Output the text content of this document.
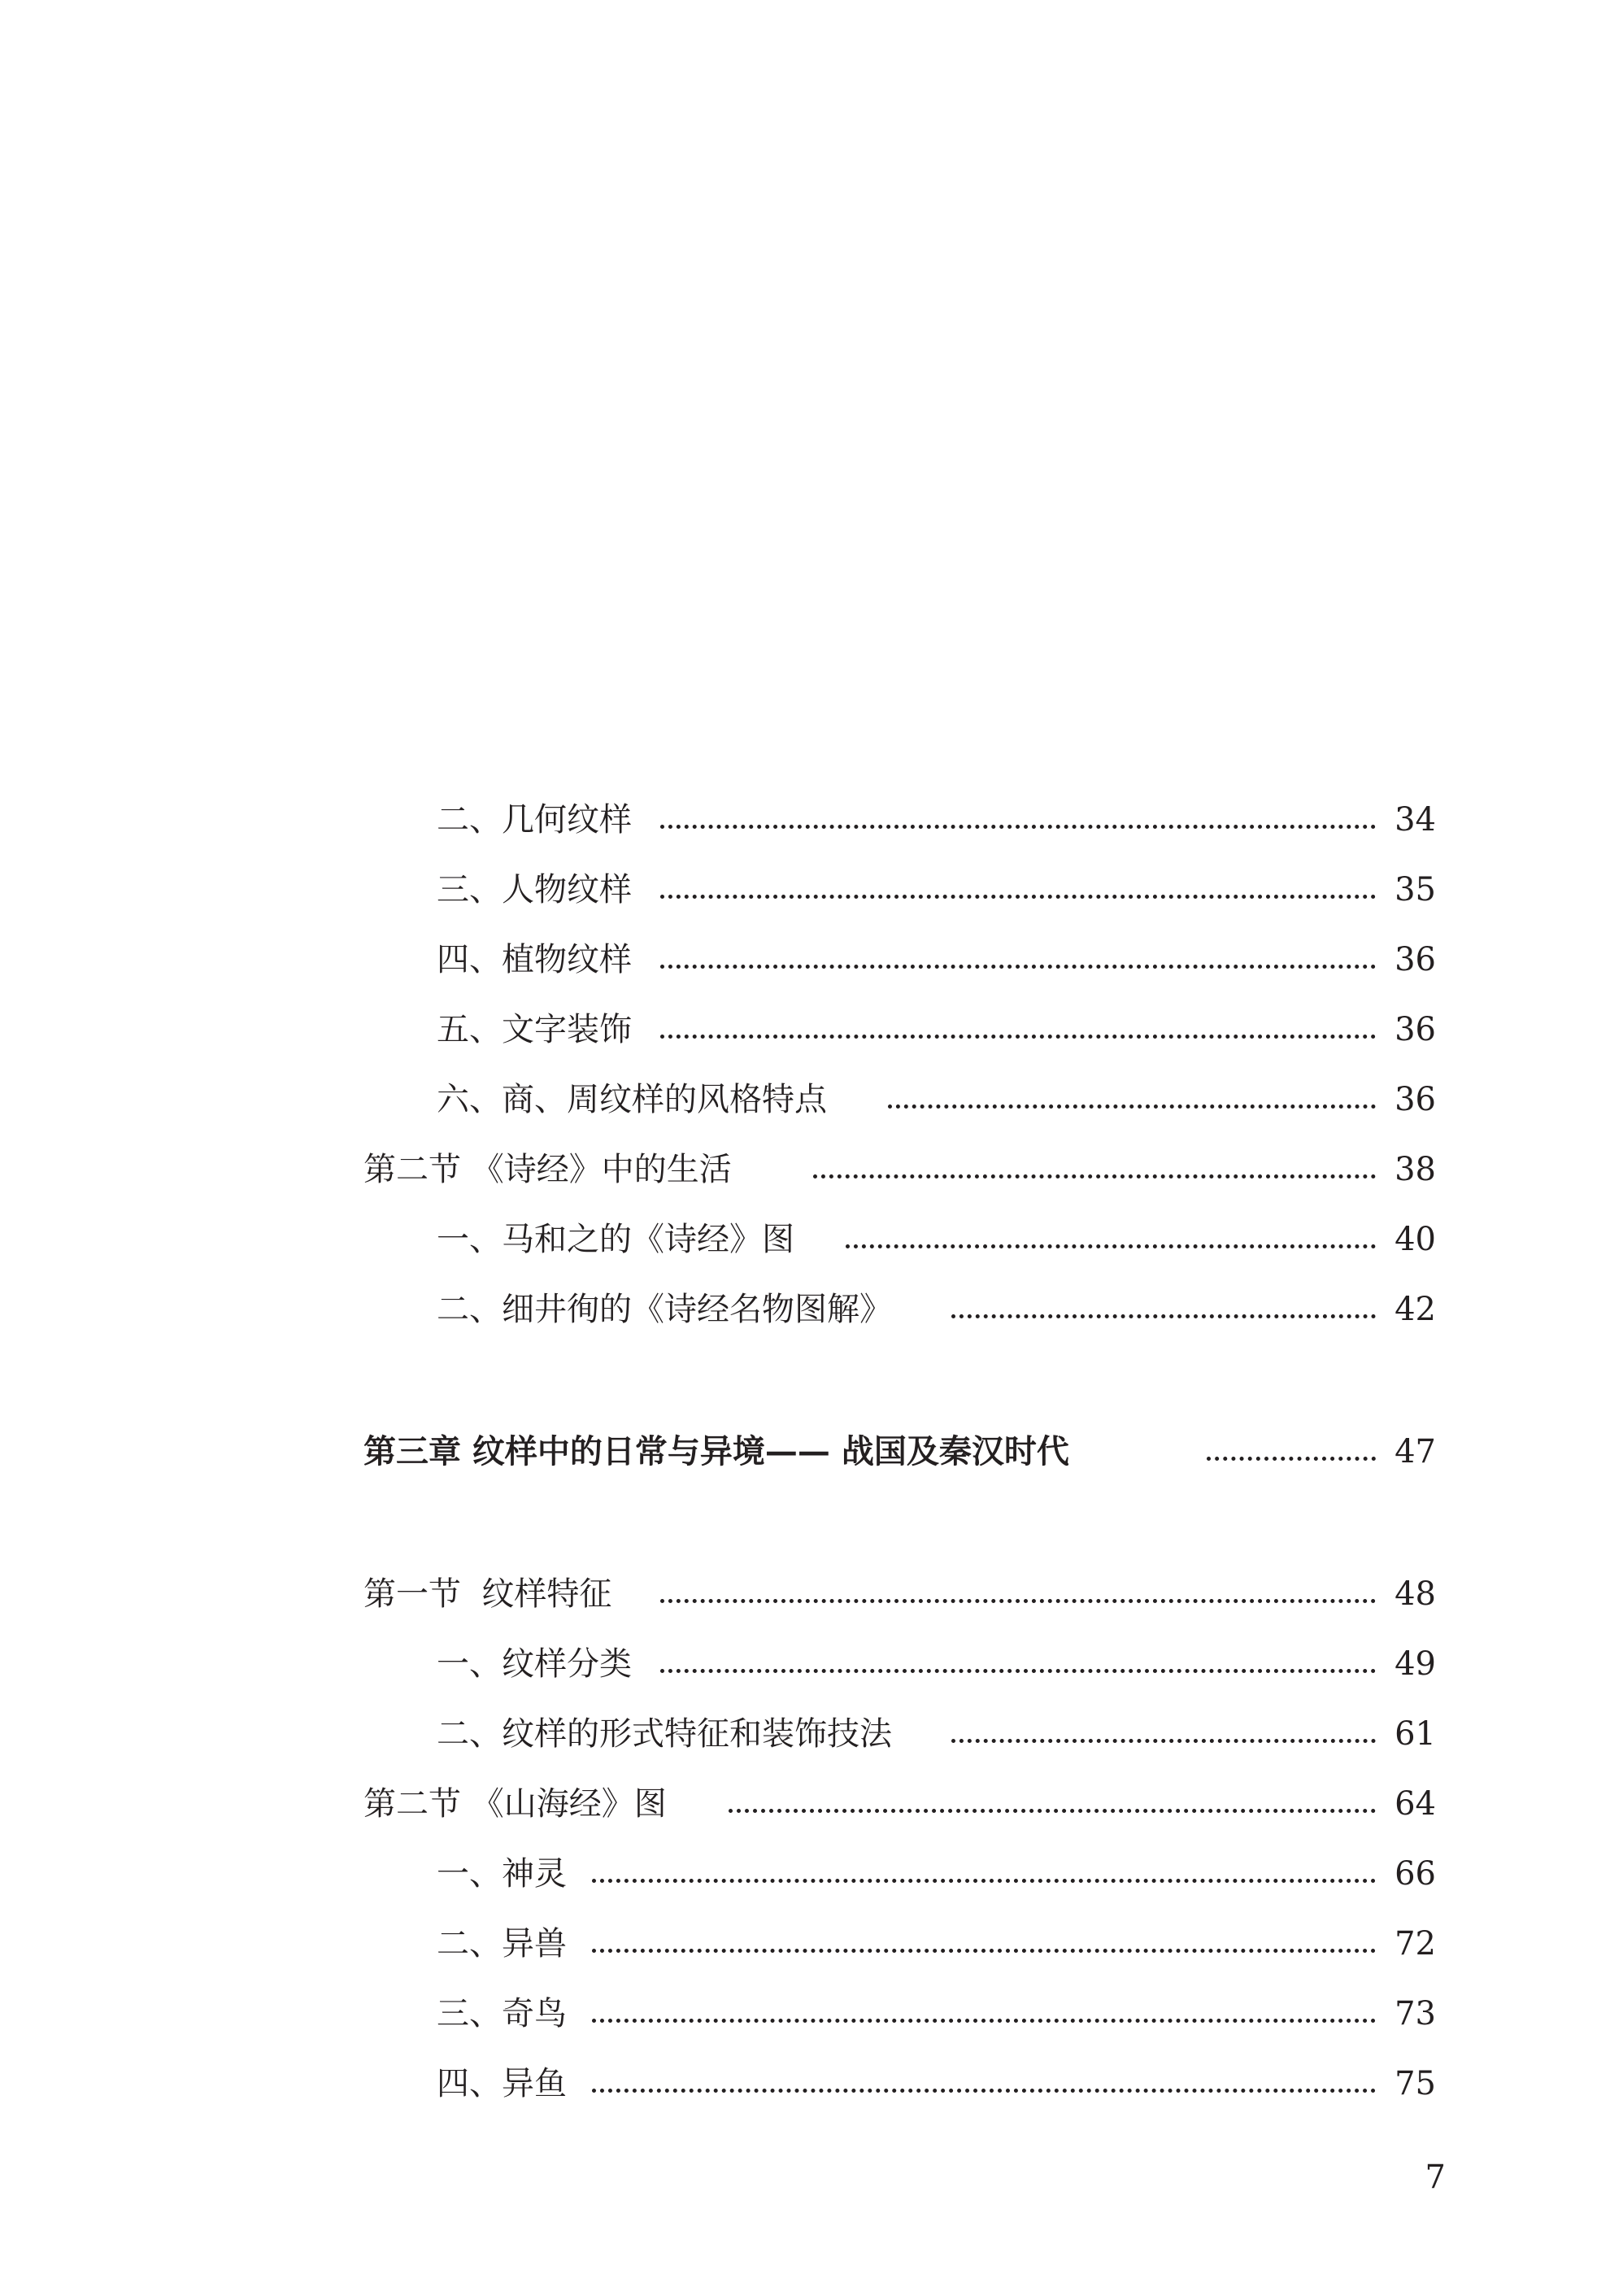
二、几何纹样	34
三、人物纹样	35
四、植物纹样	36
五、文字装饰	36
六、商、周纹样的风格特点	36
第二节 《诗经》中的生活	38
一、马和之的《诗经》图	40
二、细井徇的《诗经名物图解》	42
第三章 纹样中的日常与异境—— 战国及秦汉时代	47
第一节  纹样特征	48
一、纹样分类	49
二、纹样的形式特征和装饰技法	61
第二节 《山海经》图	64
一、神灵	66
二、异兽	72
三、奇鸟	73
四、异鱼	75
7
